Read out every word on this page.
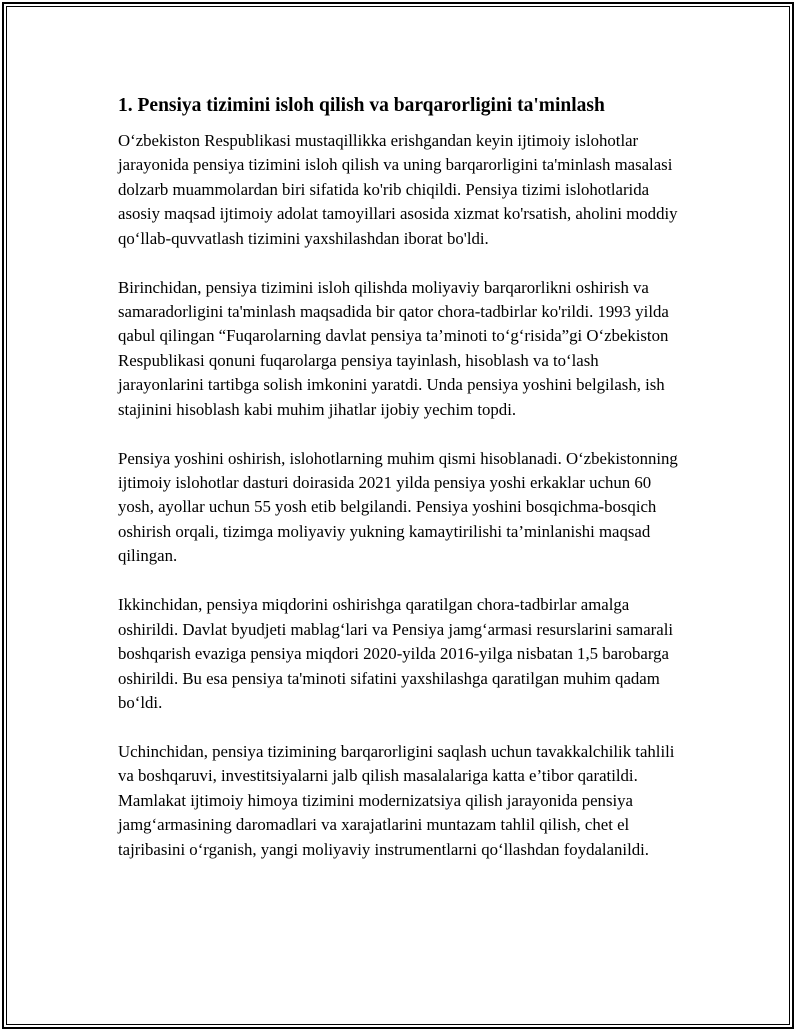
1. Pensiya tizimini isloh qilish va barqarorligini ta'minlash

O‘zbekiston Respublikasi mustaqillikka erishgandan keyin ijtimoiy islohotlar jarayonida pensiya tizimini isloh qilish va uning barqarorligini ta'minlash masalasi dolzarb muammolardan biri sifatida ko'rib chiqildi. Pensiya tizimi islohotlarida asosiy maqsad ijtimoiy adolat tamoyillari asosida xizmat ko'rsatish, aholini moddiy qo‘llab-quvvatlash tizimini yaxshilashdan iborat bo'ldi.

Birinchidan, pensiya tizimini isloh qilishda moliyaviy barqarorlikni oshirish va samaradorligini ta'minlash maqsadida bir qator chora-tadbirlar ko'rildi. 1993 yilda qabul qilingan “Fuqarolarning davlat pensiya ta’minoti to‘g‘risida”gi O‘zbekiston Respublikasi qonuni fuqarolarga pensiya tayinlash, hisoblash va to‘lash jarayonlarini tartibga solish imkonini yaratdi. Unda pensiya yoshini belgilash, ish stajinini hisoblash kabi muhim jihatlar ijobiy yechim topdi.

Pensiya yoshini oshirish, islohotlarning muhim qismi hisoblanadi. O‘zbekistonning ijtimoiy islohotlar dasturi doirasida 2021 yilda pensiya yoshi erkaklar uchun 60 yosh, ayollar uchun 55 yosh etib belgilandi. Pensiya yoshini bosqichma-bosqich oshirish orqali, tizimga moliyaviy yukning kamaytirilishi ta’minlanishi maqsad qilingan.

Ikkinchidan, pensiya miqdorini oshirishga qaratilgan chora-tadbirlar amalga oshirildi. Davlat byudjeti mablag‘lari va Pensiya jamg‘armasi resurslarini samarali boshqarish evaziga pensiya miqdori 2020-yilda 2016-yilga nisbatan 1,5 barobarga oshirildi. Bu esa pensiya ta'minoti sifatini yaxshilashga qaratilgan muhim qadam bo‘ldi.

Uchinchidan, pensiya tizimining barqarorligini saqlash uchun tavakkalchilik tahlili va boshqaruvi, investitsiyalarni jalb qilish masalalariga katta e’tibor qaratildi. Mamlakat ijtimoiy himoya tizimini modernizatsiya qilish jarayonida pensiya jamg‘armasining daromadlari va xarajatlarini muntazam tahlil qilish, chet el tajribasini o‘rganish, yangi moliyaviy instrumentlarni qo‘llashdan foydalanildi.
